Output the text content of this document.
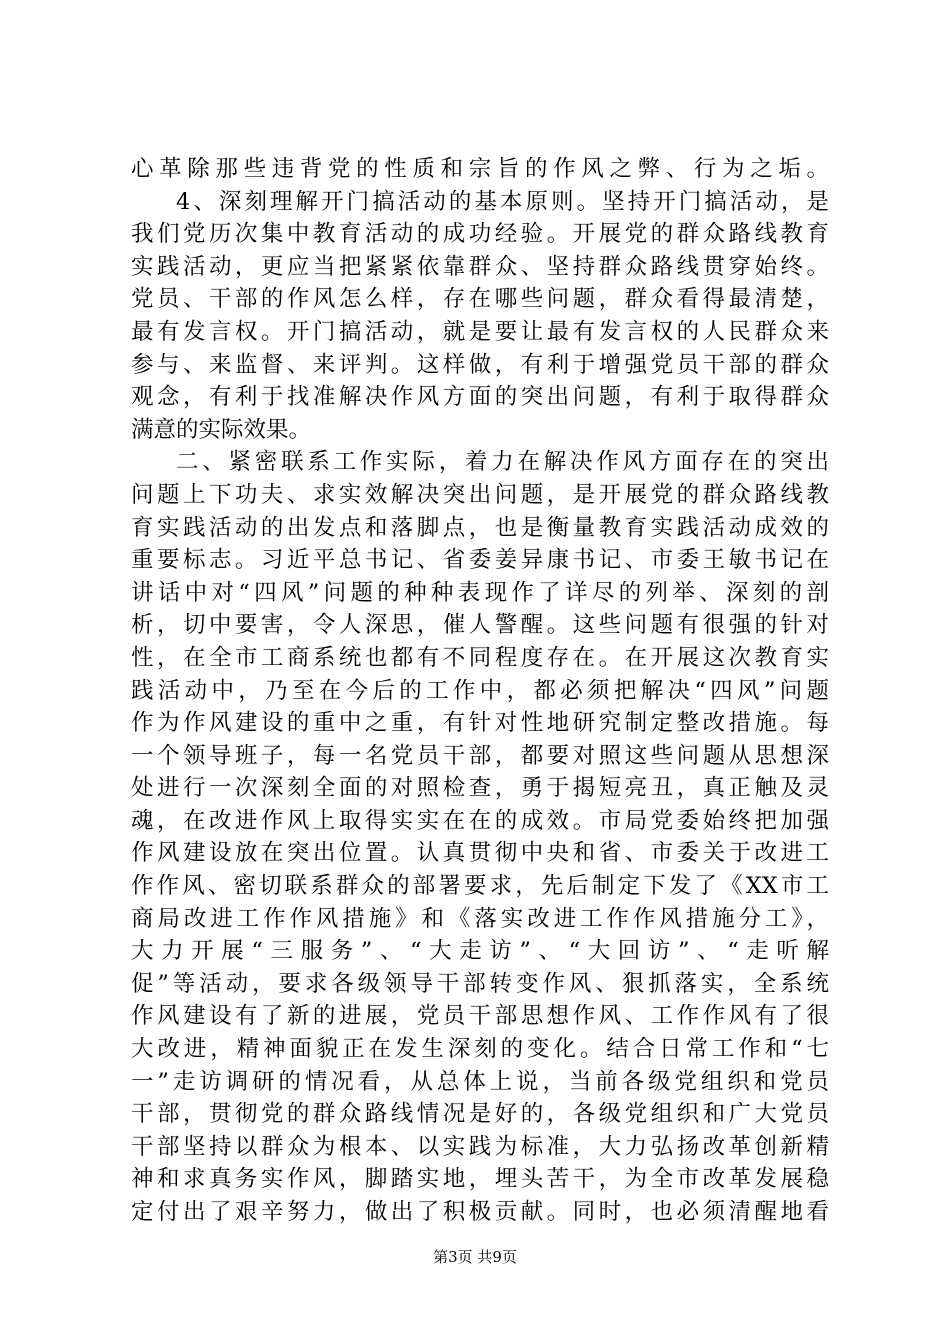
心革除那些违背党的性质和宗旨的作风之弊、行为之垢。
4、深刻理解开门搞活动的基本原则。坚持开门搞活动，是
我们党历次集中教育活动的成功经验。开展党的群众路线教育
实践活动，更应当把紧紧依靠群众、坚持群众路线贯穿始终。
党员、干部的作风怎么样，存在哪些问题，群众看得最清楚，
最有发言权。开门搞活动，就是要让最有发言权的人民群众来
参与、来监督、来评判。这样做，有利于增强党员干部的群众
观念，有利于找准解决作风方面的突出问题，有利于取得群众
满意的实际效果。
二、紧密联系工作实际，着力在解决作风方面存在的突出
问题上下功夫、求实效解决突出问题，是开展党的群众路线教
育实践活动的出发点和落脚点，也是衡量教育实践活动成效的
重要标志。习近平总书记、省委姜异康书记、市委王敏书记在
讲话中对“四风”问题的种种表现作了详尽的列举、深刻的剖
析，切中要害，令人深思，催人警醒。这些问题有很强的针对
性，在全市工商系统也都有不同程度存在。在开展这次教育实
践活动中，乃至在今后的工作中，都必须把解决“四风”问题
作为作风建设的重中之重，有针对性地研究制定整改措施。每
一个领导班子，每一名党员干部，都要对照这些问题从思想深
处进行一次深刻全面的对照检查，勇于揭短亮丑，真正触及灵
魂，在改进作风上取得实实在在的成效。市局党委始终把加强
作风建设放在突出位置。认真贯彻中央和省、市委关于改进工
作作风、密切联系群众的部署要求，先后制定下发了《XX市工
商局改进工作作风措施》和《落实改进工作作风措施分工》，
大力开展“三服务”、“大走访”、“大回访”、“走听解
促”等活动，要求各级领导干部转变作风、狠抓落实，全系统
作风建设有了新的进展，党员干部思想作风、工作作风有了很
大改进，精神面貌正在发生深刻的变化。结合日常工作和“七
一”走访调研的情况看，从总体上说，当前各级党组织和党员
干部，贯彻党的群众路线情况是好的，各级党组织和广大党员
干部坚持以群众为根本、以实践为标准，大力弘扬改革创新精
神和求真务实作风，脚踏实地，埋头苦干，为全市改革发展稳
定付出了艰辛努力，做出了积极贡献。同时，也必须清醒地看
第3页 共9页
